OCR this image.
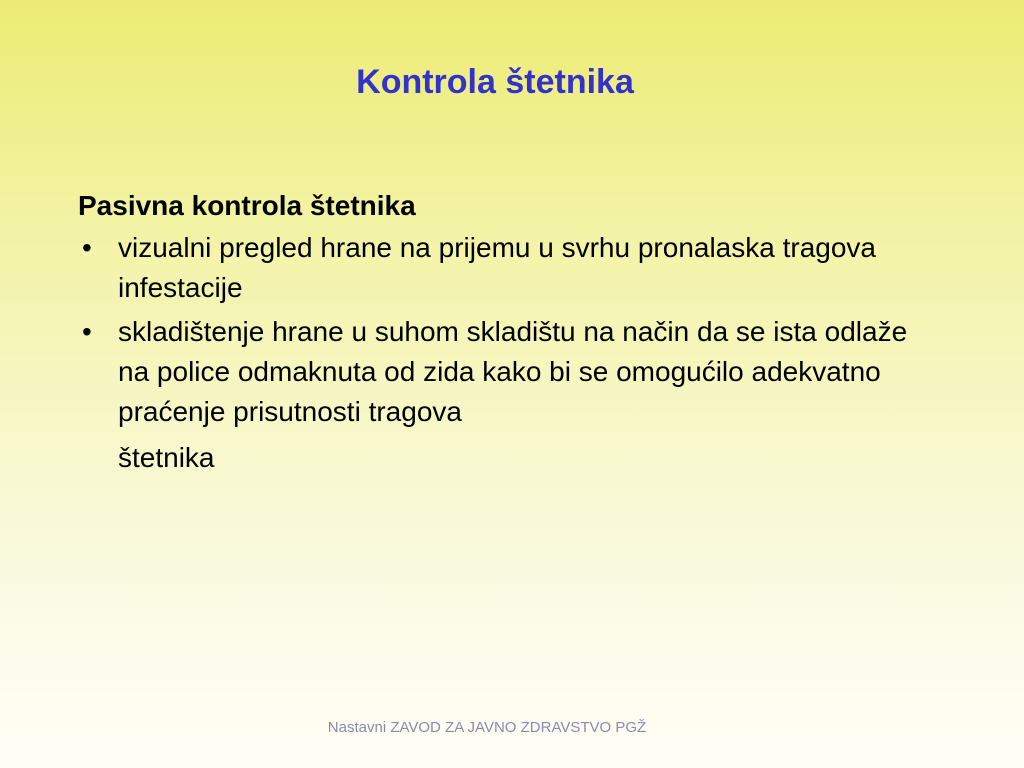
Kontrola štetnika
Pasivna kontrola štetnika
• vizualni pregled hrane na prijemu u svrhu pronalaska tragova infestacije
• skladištenje hrane u suhom skladištu na način da se ista odlaže na police odmaknuta od zida kako bi se omogućilo adekvatno praćenje prisutnosti tragova
štetnika
Nastavni ZAVOD ZA JAVNO ZDRAVSTVO PGŽ
